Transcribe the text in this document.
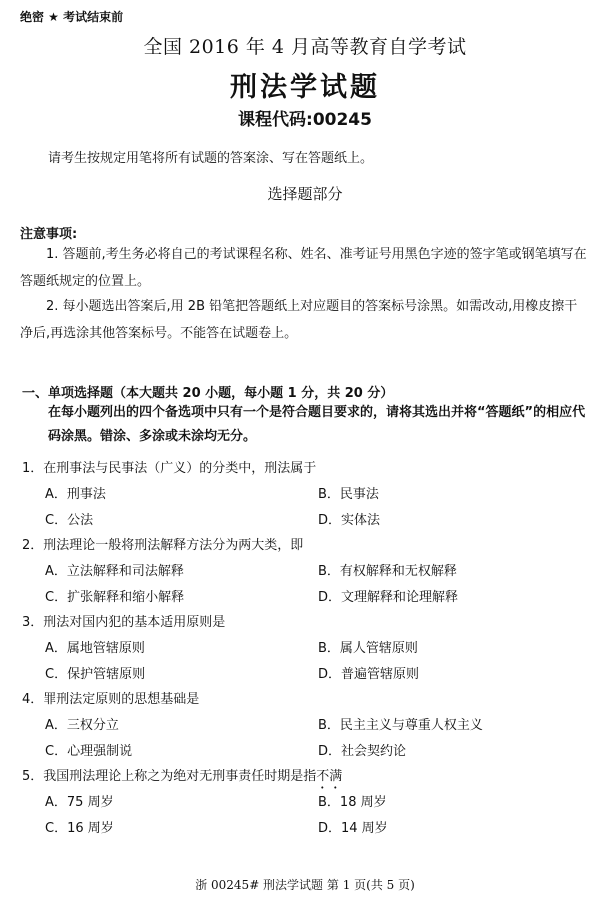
绝密 ★ 考试结束前
全国 2016 年 4 月高等教育自学考试
刑法学试题
课程代码:00245
请考生按规定用笔将所有试题的答案涂、写在答题纸上。
选择题部分
注意事项:
1. 答题前,考生务必将自己的考试课程名称、姓名、准考证号用黑色字迹的签字笔或钢笔填写在答题纸规定的位置上。
2. 每小题选出答案后,用 2B 铅笔把答题纸上对应题目的答案标号涂黑。如需改动,用橡皮擦干净后,再选涂其他答案标号。不能答在试题卷上。
一、单项选择题（本大题共 20 小题，每小题 1 分，共 20 分）
在每小题列出的四个备选项中只有一个是符合题目要求的，请将其选出并将“答题纸”的相应代码涂黑。错涂、多涂或未涂均无分。
1．在刑事法与民事法（广义）的分类中，刑法属于
A．刑事法	B．民事法
C．公法	D．实体法
2．刑法理论一般将刑法解释方法分为两大类，即
A．立法解释和司法解释	B．有权解释和无权解释
C．扩张解释和缩小解释	D．文理解释和论理解释
3．刑法对国内犯的基本适用原则是
A．属地管辖原则	B．属人管辖原则
C．保护管辖原则	D．普遍管辖原则
4．罪刑法定原则的思想基础是
A．三权分立	B．民主主义与尊重人权主义
C．心理强制说	D．社会契约论
5．我国刑法理论上称之为绝对无刑事责任时期是指不满
A．75 周岁	B．18 周岁
C．16 周岁	D．14 周岁
浙 00245# 刑法学试题 第 1 页(共 5 页)
